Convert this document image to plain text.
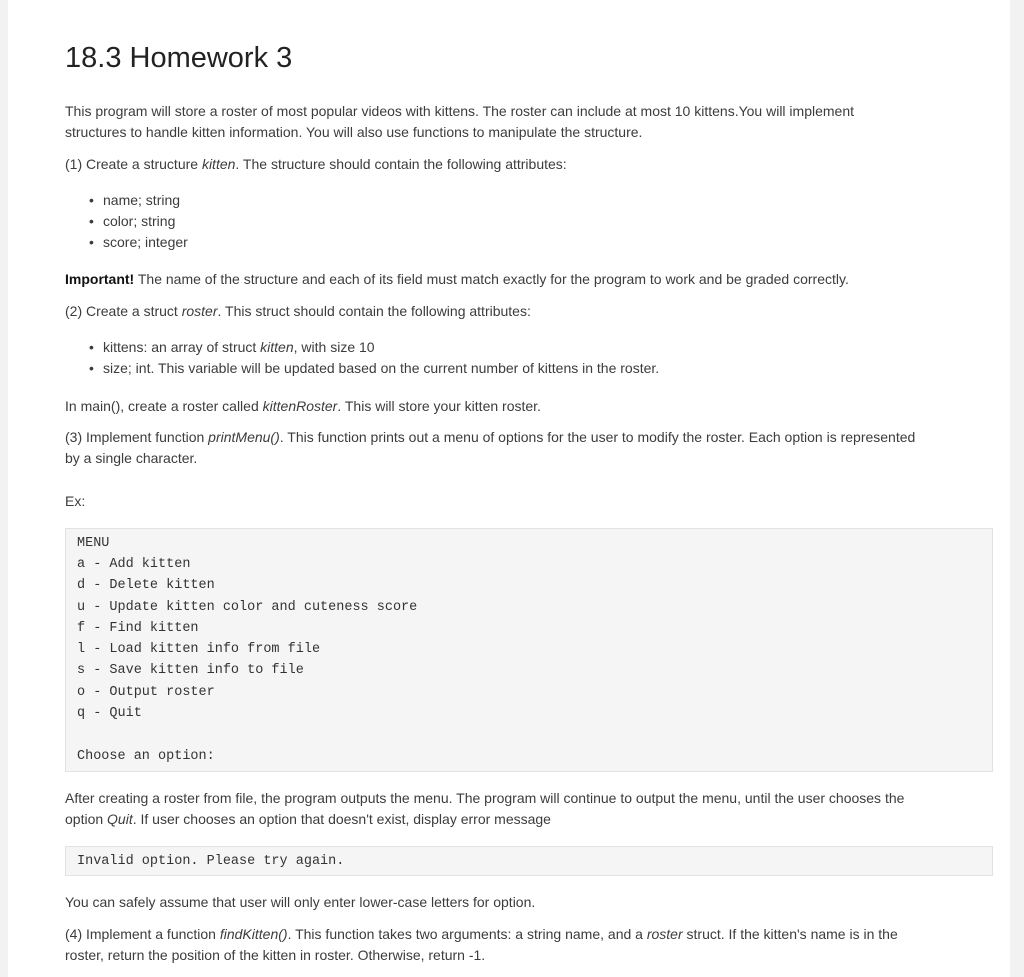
18.3 Homework 3

This program will store a roster of most popular videos with kittens. The roster can include at most 10 kittens.You will implement
structures to handle kitten information. You will also use functions to manipulate the structure.

(1) Create a structure kitten. The structure should contain the following attributes:

• name; string
• color; string
• score; integer

Important! The name of the structure and each of its field must match exactly for the program to work and be graded correctly.

(2) Create a struct roster. This struct should contain the following attributes:

• kittens: an array of struct kitten, with size 10
• size; int. This variable will be updated based on the current number of kittens in the roster.

In main(), create a roster called kittenRoster. This will store your kitten roster.

(3) Implement function printMenu(). This function prints out a menu of options for the user to modify the roster. Each option is represented
by a single character.

Ex:

MENU
a - Add kitten
d - Delete kitten
u - Update kitten color and cuteness score
f - Find kitten
l - Load kitten info from file
s - Save kitten info to file
o - Output roster
q - Quit
Choose an option:

After creating a roster from file, the program outputs the menu. The program will continue to output the menu, until the user chooses the
option Quit. If user chooses an option that doesn't exist, display error message

Invalid option. Please try again.

You can safely assume that user will only enter lower-case letters for option.

(4) Implement a function findKitten(). This function takes two arguments: a string name, and a roster struct. If the kitten's name is in the
roster, return the position of the kitten in roster. Otherwise, return -1.
